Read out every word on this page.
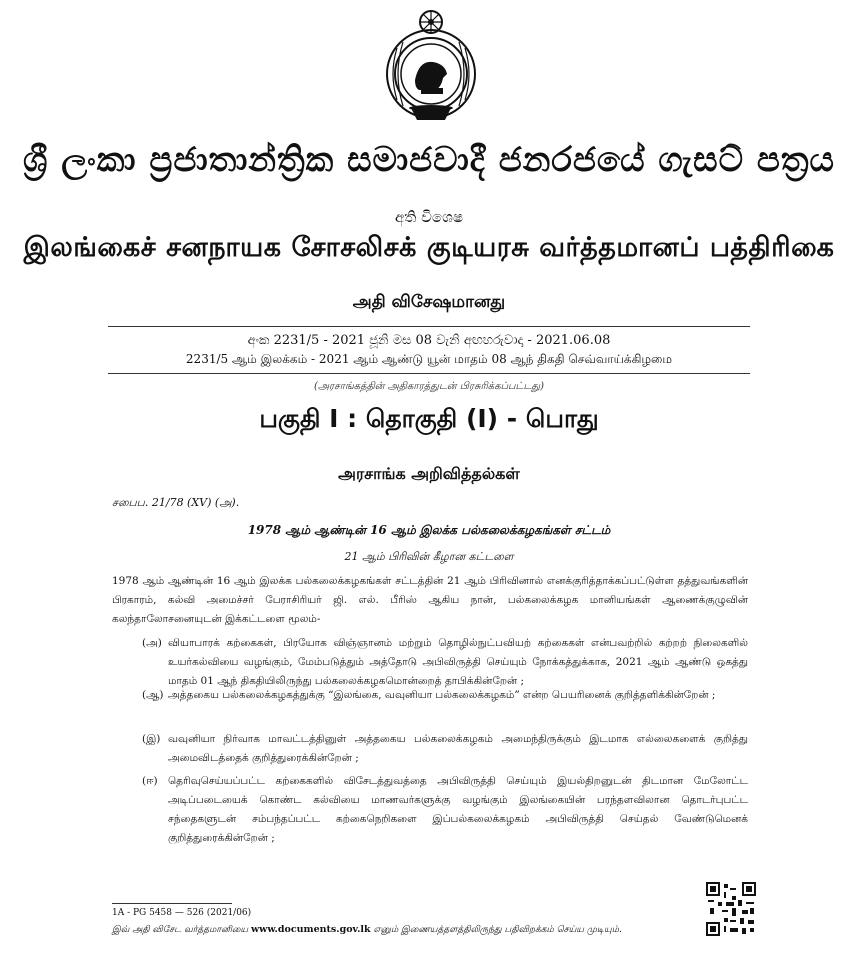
ශ්‍රී ලංකා ප්‍රජාතාන්ත්‍රික සමාජවාදී ජනරජයේ ගැසට් පත්‍රය
අති විශෙෂ
இலங்கைச் சனநாயக சோசலிசக் குடியரசு வர்த்தமானப் பத்திரிகை
அதி விசேஷமானது
අංක 2231/5 - 2021 ජූනි මස 08 වැනි අඟහරුවාදා - 2021.06.08
2231/5 ஆம் இலக்கம் - 2021 ஆம் ஆண்டு யூன் மாதம் 08 ஆந் திகதி செவ்வாய்க்கிழமை
(அரசாங்கத்தின் அதிகாரத்துடன் பிரசுரிக்கப்பட்டது)
பகுதி I : தொகுதி (I) - பொது
அரசாங்க அறிவித்தல்கள்
சபைப. 21/78 (XV) (அ).
1978 ஆம் ஆண்டின் 16 ஆம் இலக்க பல்கலைக்கழகங்கள் சட்டம்
21 ஆம் பிரிவின் கீழான கட்டளை
1978 ஆம் ஆண்டின் 16 ஆம் இலக்க பல்கலைக்கழகங்கள் சட்டத்தின் 21 ஆம் பிரிவினால் எனக்குரித்தாக்கப்பட்டுள்ள தத்துவங்களின் பிரகாரம், கல்வி அமைச்சர் பேராசிரியர் ஜி. எல். பீரிஸ் ஆகிய நான், பல்கலைக்கழக மானியங்கள் ஆணைக்குழுவின் கலந்தாலோசனையுடன் இக்கட்டளை மூலம்-
(அ) வியாபாரக் கற்கைகள், பிரயோக விஞ்ஞானம் மற்றும் தொழில்நுட்பவியற் கற்கைகள் என்பவற்றில் கற்றற் நிலைகளில் உயர்கல்வியை வழங்கும், மேம்படுத்தும் அத்தோடு அபிவிருத்தி செய்யும் நோக்கத்துக்காக, 2021 ஆம் ஆண்டு ஒகத்து மாதம் 01 ஆந் திகதியிலிருந்து பல்கலைக்கழகமொன்றைத் தாபிக்கின்றேன் ;
(ஆ) அத்தகைய பல்கலைக்கழகத்துக்கு “இலங்கை, வவுனியா பல்கலைக்கழகம்” என்ற பெயரினைக் குறித்தளிக்கின்றேன் ;
(இ) வவுனியா நிர்வாக மாவட்டத்தினுள் அத்தகைய பல்கலைக்கழகம் அமைந்திருக்கும் இடமாக எல்லைகளைக் குறித்து அமைவிடத்தைக் குறித்துரைக்கின்றேன் ;
(ஈ) தெரிவுசெய்யப்பட்ட கற்கைகளில் விசேடத்துவத்தை அபிவிருத்தி செய்யும் இயல்திறனுடன் திடமான மேலோட்ட அடிப்படையைக் கொண்ட கல்வியை மாணவர்களுக்கு வழங்கும் இலங்கையின் பரந்தளவிலான தொடர்புபட்ட சந்தைகளுடன் சம்பந்தப்பட்ட கற்கைநெறிகளை இப்பல்கலைக்கழகம் அபிவிருத்தி செய்தல் வேண்டுமெனக் குறித்துரைக்கின்றேன் ;
1A - PG 5458 — 526 (2021/06)
இவ் அதி விசேட வர்த்தமானியை www.documents.gov.lk எனும் இணையத்தளத்திலிருந்து பதிவிறக்கம் செய்ய முடியும்.
